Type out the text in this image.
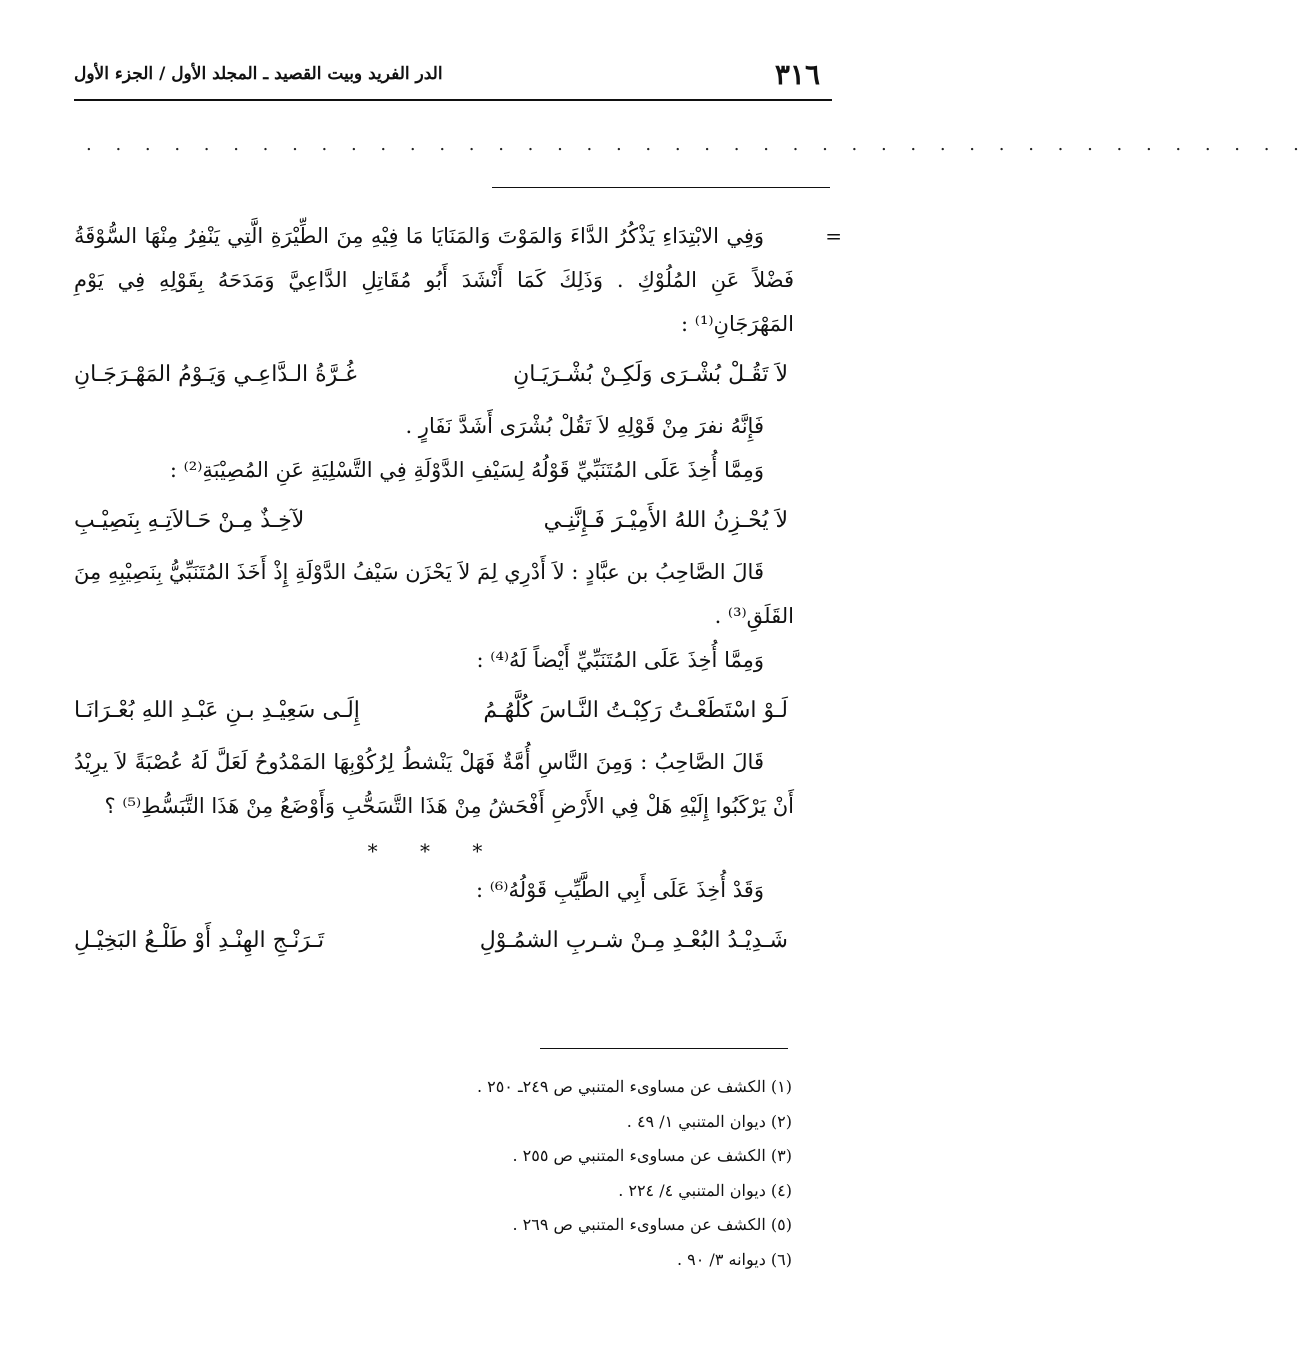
٣١٦
الدر الفريد وبيت القصيد ـ المجلد الأول / الجزء الأول
. . . . . . . . . . . . . . . . . . . . . . . . . . . . . . . . . . . . . . . . . .
=

وَفِي الابْتِدَاءِ يَذْكُرُ الدَّاءَ وَالمَوْتَ وَالمَنَايَا مَا فِيْهِ مِنَ الطِّيْرَةِ الَّتِي يَنْفِرُ مِنْهَا السُّوْقَةُ فَضْلاً عَنِ المُلُوْكِ . وَذَلِكَ كَمَا أَنْشَدَ أَبُو مُقَاتِلِ الدَّاعِيَّ وَمَدَحَهُ بِقَوْلِهِ فِي يَوْمِ المَهْرَجَانِ⁽¹⁾ :

لاَ تَقُـلْ بُشْـرَى وَلَكِـنْ بُشْـرَيَـانِ
غُـرَّةُ الـدَّاعِـي وَيَـوْمُ المَهْـرَجَـانِ

فَإِنَّهُ نفرَ مِنْ قَوْلِهِ لاَ تَقُلْ بُشْرَى أَشَدَّ نَفَارٍ .

وَمِمَّا أُخِذَ عَلَى المُتَنَبِّيِّ قَوْلُهُ لِسَيْفِ الدَّوْلَةِ فِي التَّسْلِيَةِ عَنِ المُصِيْبَةِ⁽²⁾ :

لاَ يُحْـزِنُ اللهُ الأَمِيْـرَ فَـإِنَّنِـي
لآخِـذٌ مِـنْ حَـالاَتِـهِ بِنَصِيْـبِ

قَالَ الصَّاحِبُ بن عبَّادٍ : لاَ أَدْرِي لِمَ لاَ يَحْزَن سَيْفُ الدَّوْلَةِ إِذْ أَخَذَ المُتَنَبِّيُّ بِنَصِيْبِهِ مِنَ القَلَقِ⁽³⁾ .

وَمِمَّا أُخِذَ عَلَى المُتَنَبِّيِّ أَيْضاً لَهُ⁽⁴⁾ :

لَـوْ اسْتَطَعْـتُ رَكِبْـتُ النَّـاسَ كُلَّهُـمُ
إِلَـى سَعِيْـدِ بـنِ عَبْـدِ اللهِ بُعْـرَانَـا

قَالَ الصَّاحِبُ : وَمِنَ النَّاسِ أُمَّةٌ فَهَلْ يَنْشطُ لِرُكُوْبِهَا المَمْدُوحُ لَعَلَّ لَهُ عُصْبَةً لاَ يرِيْدُ أَنْ يَرْكَبُوا إِلَيْهِ هَلْ فِي الأَرْضِ أَفْحَشُ مِنْ هَذَا التَّسَحُّبِ وَأَوْضَعُ مِنْ هَذَا التَّبَسُّطِ⁽⁵⁾ ؟

* * *

وَقَدْ أُخِذَ عَلَى أَبِي الطَّيِّبِ قَوْلُهُ⁽⁶⁾ :

شَـدِيْـدُ البُعْـدِ مِـنْ شـربِ الشمُـوْلِ
تَـرَنْـجِ الهِنْـدِ أَوْ طَلْـعُ البَخِيْـلِ
(١) الكشف عن مساوىء المتنبي ص ٢٤٩ـ ٢٥٠ .
(٢) ديوان المتنبي ١/ ٤٩ .
(٣) الكشف عن مساوىء المتنبي ص ٢٥٥ .
(٤) ديوان المتنبي ٤/ ٢٢٤ .
(٥) الكشف عن مساوىء المتنبي ص ٢٦٩ .
(٦) ديوانه ٣/ ٩٠ .
